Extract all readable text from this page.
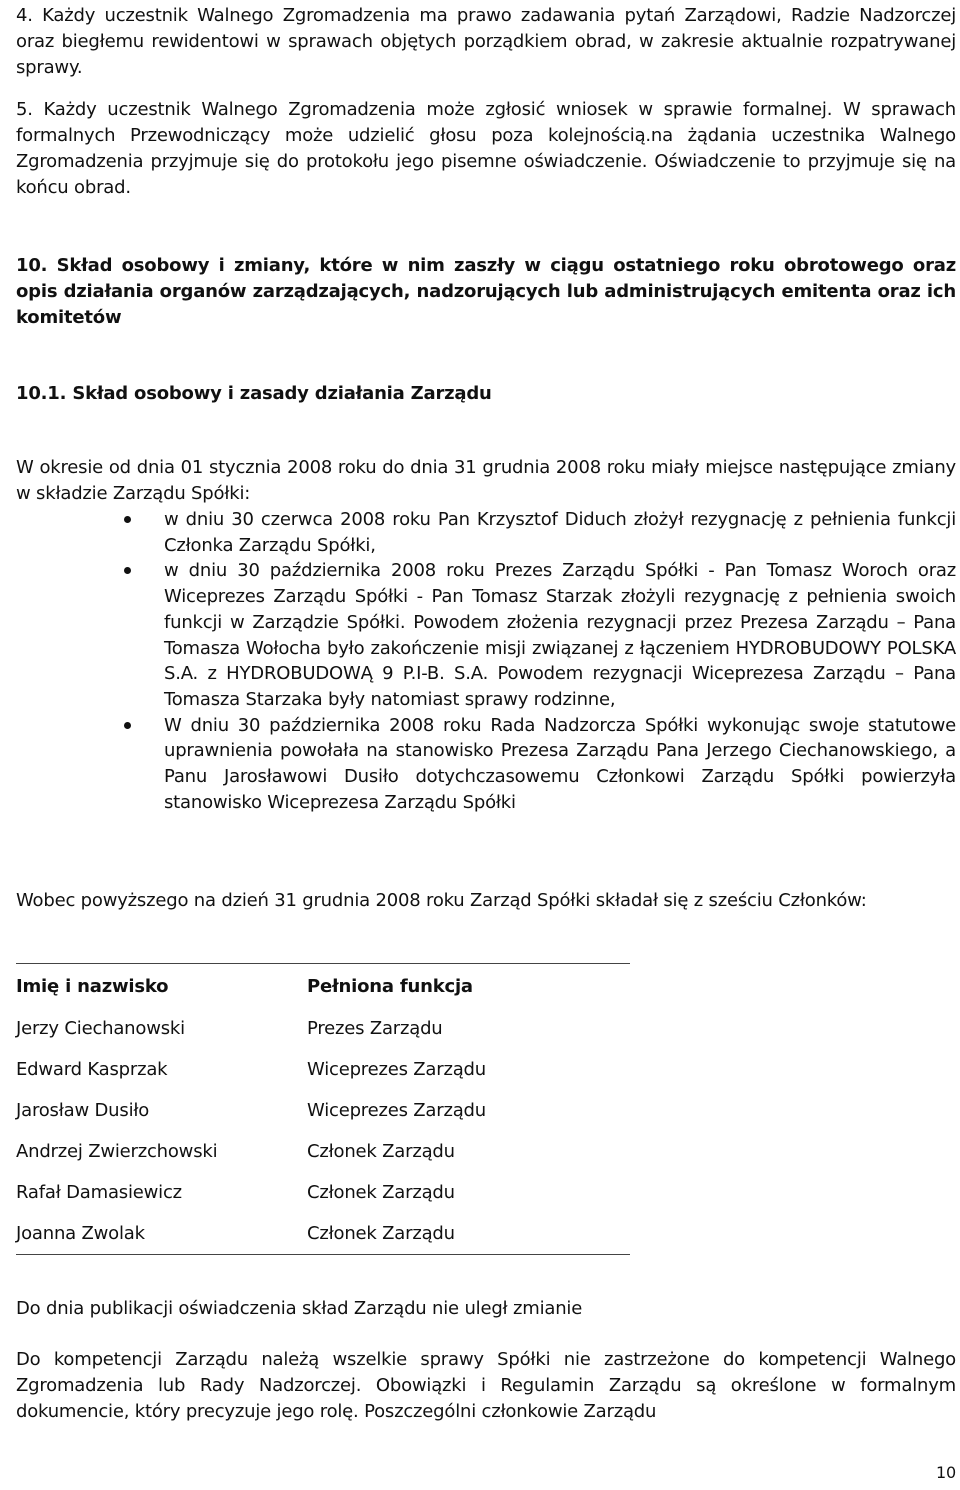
4. Każdy uczestnik Walnego Zgromadzenia ma prawo zadawania pytań Zarządowi, Radzie Nadzorczej oraz biegłemu rewidentowi w sprawach objętych porządkiem obrad, w zakresie aktualnie rozpatrywanej sprawy.

5. Każdy uczestnik Walnego Zgromadzenia może zgłosić wniosek w sprawie formalnej. W sprawach formalnych Przewodniczący może udzielić głosu poza kolejnością.na żądania uczestnika Walnego Zgromadzenia przyjmuje się do protokołu jego pisemne oświadczenie. Oświadczenie to przyjmuje się na końcu obrad.

10. Skład osobowy i zmiany, które w nim zaszły w ciągu ostatniego roku obrotowego oraz opis działania organów zarządzających, nadzorujących lub administrujących emitenta oraz ich komitetów

10.1. Skład osobowy i zasady działania Zarządu

W okresie od dnia 01 stycznia 2008 roku do dnia 31 grudnia 2008 roku miały miejsce następujące zmiany w składzie Zarządu Spółki:

w dniu 30 czerwca 2008 roku Pan Krzysztof Diduch złożył rezygnację z pełnienia funkcji Członka Zarządu Spółki,
w dniu 30 października 2008 roku Prezes Zarządu Spółki - Pan Tomasz Woroch oraz Wiceprezes Zarządu Spółki - Pan Tomasz Starzak złożyli rezygnację z pełnienia swoich funkcji w Zarządzie Spółki. Powodem złożenia rezygnacji przez Prezesa Zarządu – Pana Tomasza Wołocha było zakończenie misji związanej z łączeniem HYDROBUDOWY POLSKA S.A. z HYDROBUDOWĄ 9 P.I-B. S.A. Powodem rezygnacji Wiceprezesa Zarządu – Pana Tomasza Starzaka były natomiast sprawy rodzinne,
W dniu 30 października 2008 roku Rada Nadzorcza Spółki wykonując swoje statutowe uprawnienia powołała na stanowisko Prezesa Zarządu Pana Jerzego Ciechanowskiego, a Panu Jarosławowi Dusiło dotychczasowemu Członkowi Zarządu Spółki powierzyła stanowisko Wiceprezesa Zarządu Spółki

Wobec powyższego na dzień 31 grudnia 2008 roku Zarząd Spółki składał się z sześciu Członków:

Imię i nazwisko	Pełniona funkcja
Jerzy Ciechanowski	Prezes Zarządu
Edward Kasprzak	Wiceprezes Zarządu
Jarosław Dusiło	Wiceprezes Zarządu
Andrzej Zwierzchowski	Członek Zarządu
Rafał Damasiewicz	Członek Zarządu
Joanna Zwolak	Członek Zarządu

Do dnia publikacji oświadczenia skład Zarządu nie uległ zmianie

Do kompetencji Zarządu należą wszelkie sprawy Spółki nie zastrzeżone do kompetencji Walnego Zgromadzenia lub Rady Nadzorczej. Obowiązki i Regulamin Zarządu są określone w formalnym dokumencie, który precyzuje jego rolę. Poszczególni członkowie Zarządu

10
